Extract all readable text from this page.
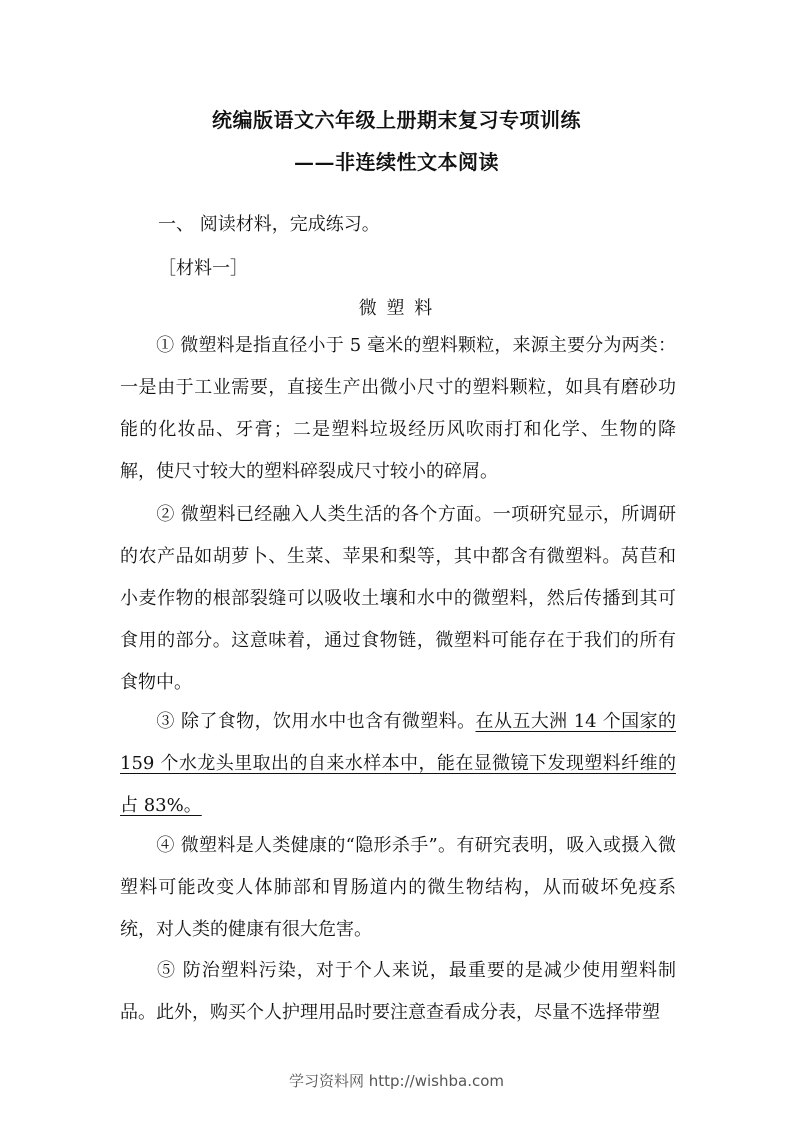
统编版语文六年级上册期末复习专项训练
——非连续性文本阅读
一、 阅读材料，完成练习。
［材料一］
微 塑 料

① 微塑料是指直径小于 5 毫米的塑料颗粒，来源主要分为两类：一是由于工业需要，直接生产出微小尺寸的塑料颗粒，如具有磨砂功能的化妆品、牙膏；二是塑料垃圾经历风吹雨打和化学、生物的降解，使尺寸较大的塑料碎裂成尺寸较小的碎屑。

② 微塑料已经融入人类生活的各个方面。一项研究显示，所调研的农产品如胡萝卜、生菜、苹果和梨等，其中都含有微塑料。莴苣和小麦作物的根部裂缝可以吸收土壤和水中的微塑料，然后传播到其可食用的部分。这意味着，通过食物链，微塑料可能存在于我们的所有食物中。

③ 除了食物，饮用水中也含有微塑料。在从五大洲 14 个国家的 159 个水龙头里取出的自来水样本中，能在显微镜下发现塑料纤维的占 83%。

④ 微塑料是人类健康的“隐形杀手”。有研究表明，吸入或摄入微塑料可能改变人体肺部和胃肠道内的微生物结构，从而破坏免疫系统，对人类的健康有很大危害。

⑤ 防治塑料污染，对于个人来说，最重要的是减少使用塑料制品。此外，购买个人护理用品时要注意查看成分表，尽量不选择带塑

学习资料网 http://wishba.com
